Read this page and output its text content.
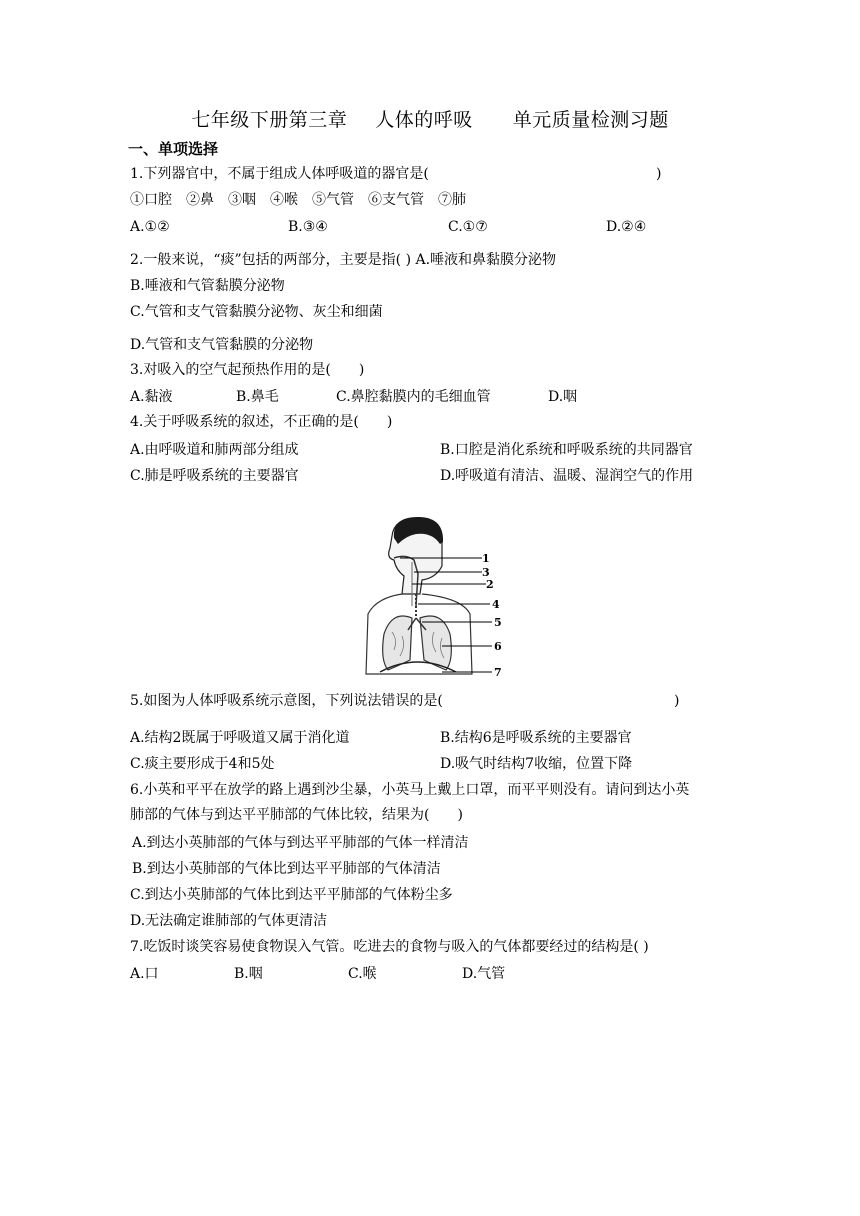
七年级下册第三章 人体的呼吸 单元质量检测习题
一、单项选择
1.下列器官中，不属于组成人体呼吸道的器官是(	)
①口腔　②鼻　③咽　④喉　⑤气管　⑥支气管　⑦肺
A.①②	B.③④	C.①⑦	D.②④
2.一般来说，“痰”包括的两部分，主要是指( ) A.唾液和鼻黏膜分泌物
B.唾液和气管黏膜分泌物
C.气管和支气管黏膜分泌物、灰尘和细菌
D.气管和支气管黏膜的分泌物
3.对吸入的空气起预热作用的是(　　)
A.黏液	B.鼻毛	C.鼻腔黏膜内的毛细血管	D.咽
4.关于呼吸系统的叙述，不正确的是(　　)
A.由呼吸道和肺两部分组成	B.口腔是消化系统和呼吸系统的共同器官
C.肺是呼吸系统的主要器官	D.呼吸道有清洁、温暖、湿润空气的作用
1
3
2
4
5
6
7
5.如图为人体呼吸系统示意图，下列说法错误的是(	)
A.结构2既属于呼吸道又属于消化道	B.结构6是呼吸系统的主要器官
C.痰主要形成于4和5处	D.吸气时结构7收缩，位置下降
6.小英和平平在放学的路上遇到沙尘暴，小英马上戴上口罩，而平平则没有。请问到达小英
肺部的气体与到达平平肺部的气体比较，结果为(　　)
A.到达小英肺部的气体与到达平平肺部的气体一样清洁
B.到达小英肺部的气体比到达平平肺部的气体清洁
C.到达小英肺部的气体比到达平平肺部的气体粉尘多
D.无法确定谁肺部的气体更清洁
7.吃饭时谈笑容易使食物误入气管。吃进去的食物与吸入的气体都要经过的结构是( )
A.口	B.咽	C.喉	D.气管
